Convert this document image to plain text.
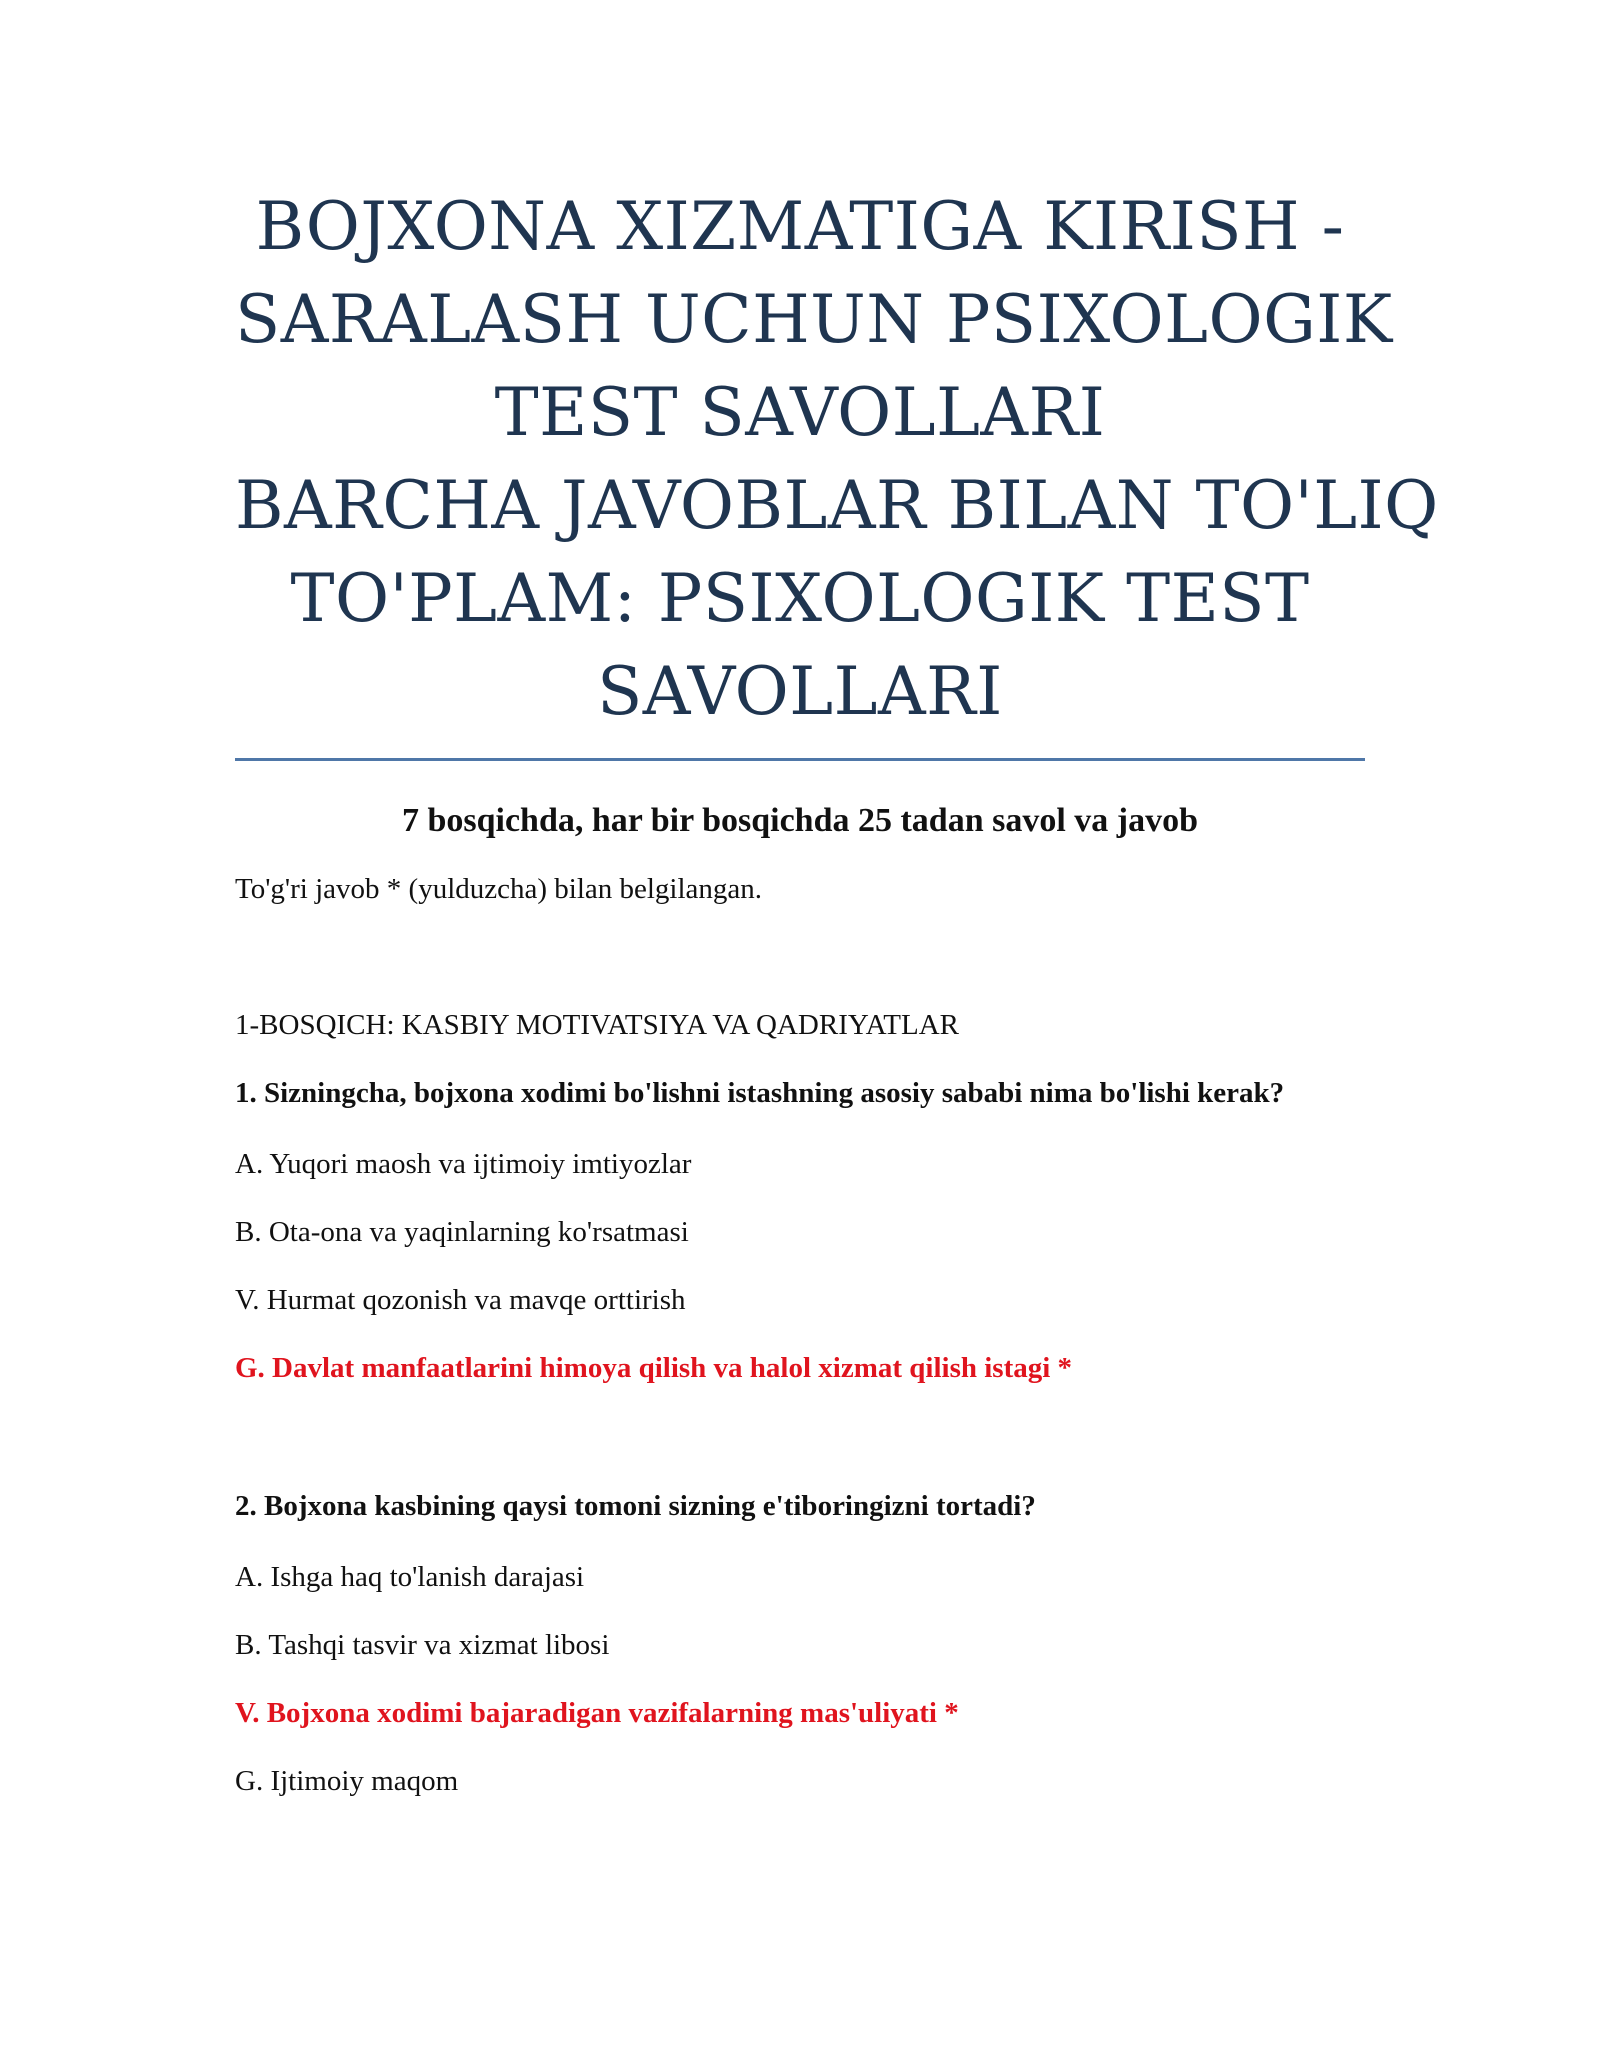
BOJXONA XIZMATIGA KIRISH -
SARALASH UCHUN PSIXOLOGIK
TEST SAVOLLARI
BARCHA JAVOBLAR BILAN TO'LIQ
TO'PLAM: PSIXOLOGIK TEST
SAVOLLARI
7 bosqichda, har bir bosqichda 25 tadan savol va javob
To'g'ri javob * (yulduzcha) bilan belgilangan.
1-BOSQICH: KASBIY MOTIVATSIYA VA QADRIYATLAR
1. Sizningcha, bojxona xodimi bo'lishni istashning asosiy sababi nima bo'lishi kerak?
A. Yuqori maosh va ijtimoiy imtiyozlar
B. Ota-ona va yaqinlarning ko'rsatmasi
V. Hurmat qozonish va mavqe orttirish
G. Davlat manfaatlarini himoya qilish va halol xizmat qilish istagi *
2. Bojxona kasbining qaysi tomoni sizning e'tiboringizni tortadi?
A. Ishga haq to'lanish darajasi
B. Tashqi tasvir va xizmat libosi
V. Bojxona xodimi bajaradigan vazifalarning mas'uliyati *
G. Ijtimoiy maqom
